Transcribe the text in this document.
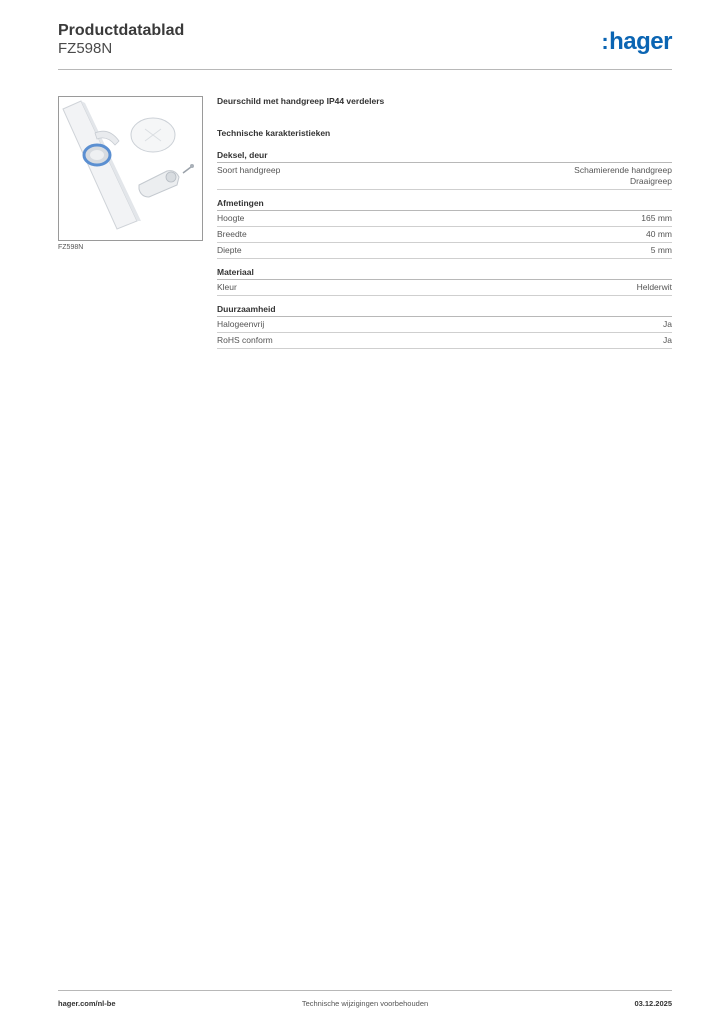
Productdatablad
FZ598N	:hager
FZ598N
Deurschild met handgreep IP44 verdelers
Technische karakteristieken
Deksel, deur
Soort handgreep	Schamierende handgreep
Draaigreep
Afmetingen
Hoogte	165 mm
Breedte	40 mm
Diepte	5 mm
Materiaal
Kleur	Helderwit
Duurzaamheid
Halogeenvrij	Ja
RoHS conform	Ja
hager.com/nl-be	Technische wijzigingen voorbehouden	03.12.2025
